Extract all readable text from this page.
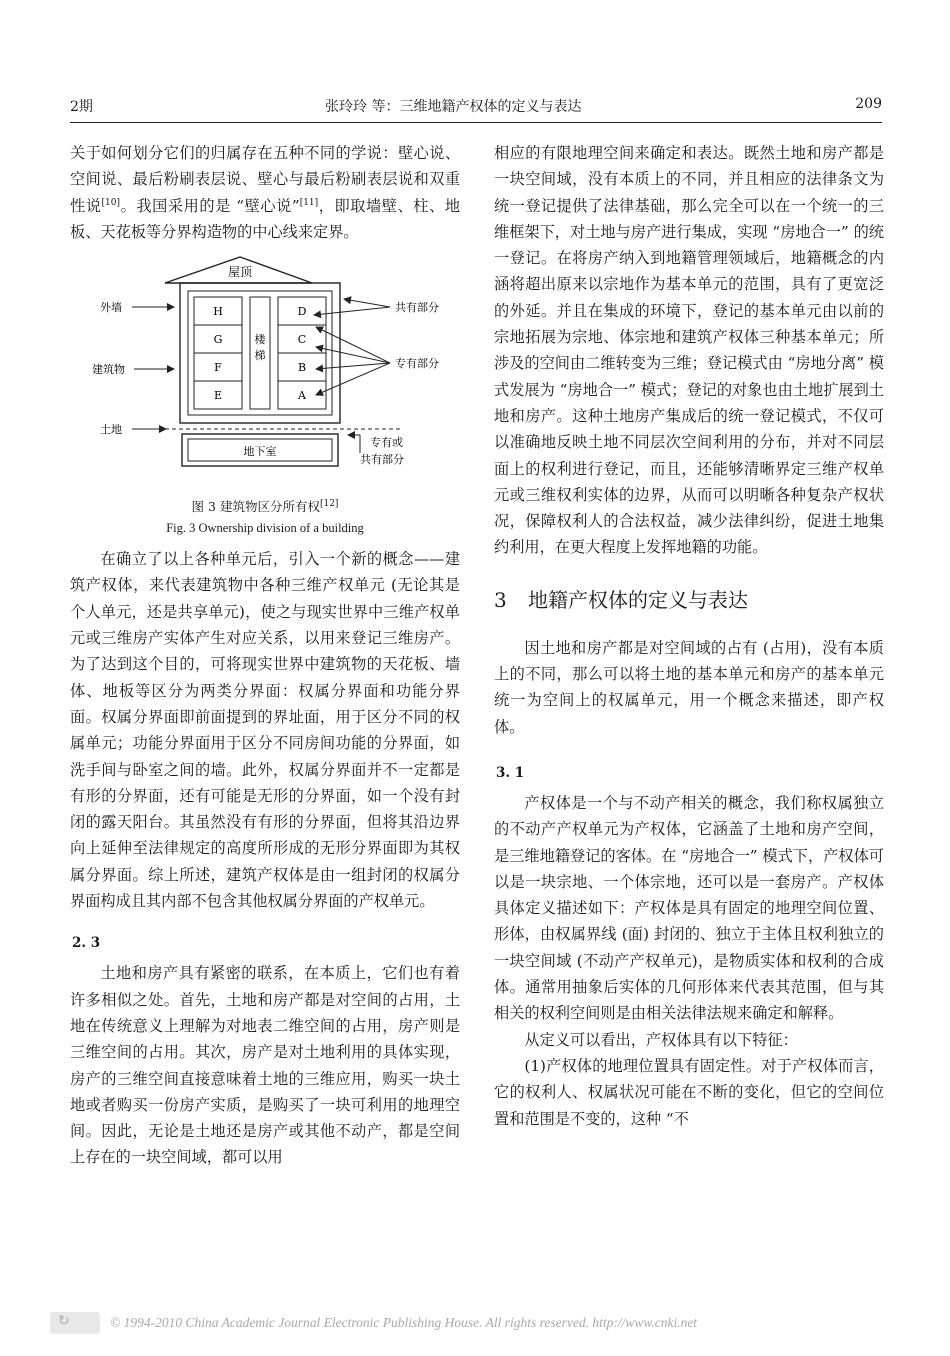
2期	张玲玲 等：三维地籍产权体的定义与表达	209

关于如何划分它们的归属存在五种不同的学说：壁心说、空间说、最后粉刷表层说、壁心与最后粉刷表层说和双重性说[10]。我国采用的是 “壁心说”[11]，即取墙壁、柱、地板、天花板等分界构造物的中心线来定界。

屋顶
楼
梯
H
G
F
E
D
C
B
A
地下室
外墙
建筑物
土地
共有部分
专有部分
专有或
共有部分
图 3 建筑物区分所有权[12]
Fig. 3 Ownership division of a building

在确立了以上各种单元后，引入一个新的概念——建筑产权体，来代表建筑物中各种三维产权单元 (无论其是个人单元，还是共享单元)，使之与现实世界中三维产权单元或三维房产实体产生对应关系，以用来登记三维房产。为了达到这个目的，可将现实世界中建筑物的天花板、墙体、地板等区分为两类分界面：权属分界面和功能分界面。权属分界面即前面提到的界址面，用于区分不同的权属单元；功能分界面用于区分不同房间功能的分界面，如洗手间与卧室之间的墙。此外，权属分界面并不一定都是有形的分界面，还有可能是无形的分界面，如一个没有封闭的露天阳台。其虽然没有有形的分界面，但将其沿边界向上延伸至法律规定的高度所形成的无形分界面即为其权属分界面。综上所述，建筑产权体是由一组封闭的权属分界面构成且其内部不包含其他权属分界面的产权单元。

2. 3

土地和房产具有紧密的联系，在本质上，它们也有着许多相似之处。首先，土地和房产都是对空间的占用，土地在传统意义上理解为对地表二维空间的占用，房产则是三维空间的占用。其次，房产是对土地利用的具体实现，房产的三维空间直接意味着土地的三维应用，购买一块土地或者购买一份房产实质，是购买了一块可利用的地理空间。因此，无论是土地还是房产或其他不动产，都是空间上存在的一块空间域，都可以用

相应的有限地理空间来确定和表达。既然土地和房产都是一块空间域，没有本质上的不同，并且相应的法律条文为统一登记提供了法律基础，那么完全可以在一个统一的三维框架下，对土地与房产进行集成，实现 “房地合一” 的统一登记。在将房产纳入到地籍管理领域后，地籍概念的内涵将超出原来以宗地作为基本单元的范围，具有了更宽泛的外延。并且在集成的环境下，登记的基本单元由以前的宗地拓展为宗地、体宗地和建筑产权体三种基本单元；所涉及的空间由二维转变为三维；登记模式由 “房地分离” 模式发展为 “房地合一” 模式；登记的对象也由土地扩展到土地和房产。这种土地房产集成后的统一登记模式，不仅可以准确地反映土地不同层次空间利用的分布，并对不同层面上的权利进行登记，而且，还能够清晰界定三维产权单元或三维权利实体的边界，从而可以明晰各种复杂产权状况，保障权利人的合法权益，减少法律纠纷，促进土地集约利用，在更大程度上发挥地籍的功能。

3 地籍产权体的定义与表达

因土地和房产都是对空间域的占有 (占用)，没有本质上的不同，那么可以将土地的基本单元和房产的基本单元统一为空间上的权属单元，用一个概念来描述，即产权体。

3. 1

产权体是一个与不动产相关的概念，我们称权属独立的不动产产权单元为产权体，它涵盖了土地和房产空间，是三维地籍登记的客体。在 “房地合一” 模式下，产权体可以是一块宗地、一个体宗地，还可以是一套房产。产权体具体定义描述如下：产权体是具有固定的地理空间位置、形体，由权属界线 (面) 封闭的、独立于主体且权利独立的一块空间域 (不动产产权单元)，是物质实体和权利的合成体。通常用抽象后实体的几何形体来代表其范围，但与其相关的权利空间则是由相关法律法规来确定和解释。

从定义可以看出，产权体具有以下特征：

(1)产权体的地理位置具有固定性。对于产权体而言，它的权利人、权属状况可能在不断的变化，但它的空间位置和范围是不变的，这种 “不

↻	© 1994-2010 China Academic Journal Electronic Publishing House. All rights reserved. http://www.cnki.net
